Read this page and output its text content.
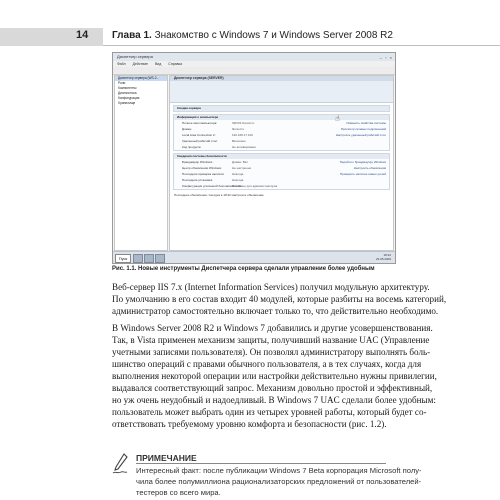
14 Глава 1. Знакомство с Windows 7 и Windows Server 2008 R2
Диспетчер сервера	– ▫ ×
Файл Действие Вид Справка
Диспетчер сервера (WS-2...
Роли
Компоненты
Диагностика
Конфигурация
Хранилище
Диспетчер сервера (SERVER)
Сводка сервера
Информация о компьютере
Полное имя компьютера:	SRV01.fluxxel.ru	Изменить свойства системы
Домен:	fluxxel.ru	Просмотр сетевых подключений
Local Area Connection 2:	192.168.17.129	Настроить удаленный рабочий стол
Удаленный рабочий стол:	Включено
Код продукта:	Не активировано
Сведения системы безопасности
Брандмауэр Windows:	Домен: Вкл	Перейти к брандмауэру Windows
Центр обновления Windows:	Не настроено	Настроить обновления
Последняя проверка наличия:	Никогда	Проверить наличие новых ролей
Последняя установка:	Никогда
Конфигурация усиленной безопасности IE:
Включено для администраторов
Последнее обновление: Сегодня в 18:22 Настроить обновление
☝
Пуск
18:22
23.05.2009
Рис. 1.1. Новые инструменты Диспетчера сервера сделали управление более удобным

Веб-сервер IIS 7.x (Internet Information Services) получил модульную архитектуру.
По умолчанию в его состав входит 40 модулей, которые разбиты на восемь категорий,
администратор самостоятельно включает только то, что действительно необходимо.

В Windows Server 2008 R2 и Windows 7 добавились и другие усовершенствования.
Так, в Vista применен механизм защиты, получивший название UAC (Управление
учетными записями пользователя). Он позволял администратору выполнять боль-
шинство операций с правами обычного пользователя, а в тех случаях, когда для
выполнения некоторой операции или настройки действительно нужны привилегии,
выдавался соответствующий запрос. Механизм довольно простой и эффективный,
но уж очень неудобный и надоедливый. В Windows 7 UAC сделали более удобным:
пользователь может выбрать один из четырех уровней работы, который будет со-
ответствовать требуемому уровню комфорта и безопасности (рис. 1.2).

ПРИМЕЧАНИЕ

Интересный факт: после публикации Windows 7 Beta корпорация Microsoft полу-
чила более полумиллиона рационализаторских предложений от пользователей-
тестеров со всего мира.
